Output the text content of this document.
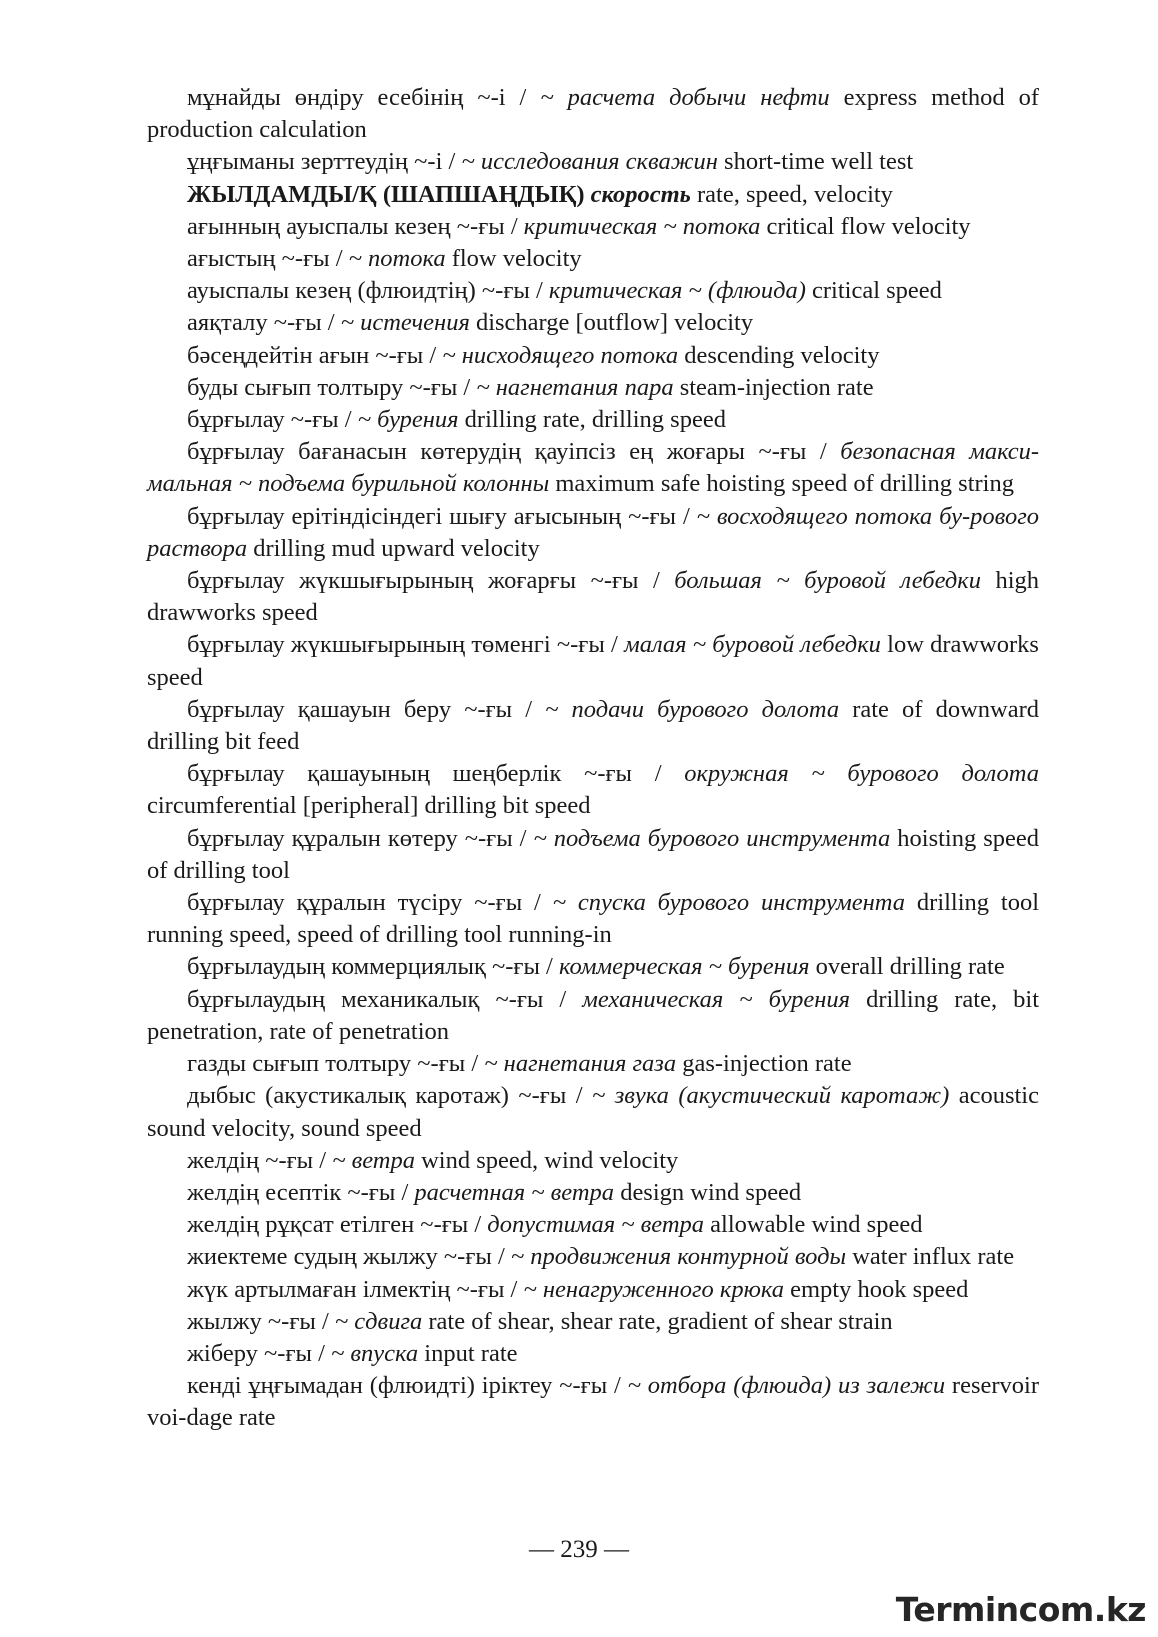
мұнайды өндіру есебінің ~-і / ~ расчета добычи нефти express method of production calculation

ұңғыманы зерттеудің ~-і / ~ исследования скважин short-time well test

ЖЫЛДАМДЫ/Қ (ШАПШАҢДЫҚ) скорость rate, speed, velocity

ағынның ауыспалы кезең ~-ғы / критическая ~ потока critical flow velocity

ағыстың ~-ғы / ~ потока flow velocity

ауыспалы кезең (флюидтің) ~-ғы / критическая ~ (флюида) critical speed

аяқталу ~-ғы / ~ истечения discharge [outflow] velocity

бәсеңдейтін ағын ~-ғы / ~ нисходящего потока descending velocity

буды сығып толтыру ~-ғы / ~ нагнетания пара steam-injection rate

бұрғылау ~-ғы / ~ бурения drilling rate, drilling speed

бұрғылау бағанасын көтерудің қауіпсіз ең жоғары ~-ғы / безопасная макси-мальная ~ подъема бурильной колонны maximum safe hoisting speed of drilling string

бұрғылау ерітіндісіндегі шығу ағысының ~-ғы / ~ восходящего потока бу-рового раствора drilling mud upward velocity

бұрғылау жүкшығырының жоғарғы ~-ғы / большая ~ буровой лебедки high drawworks speed

бұрғылау жүкшығырының төменгі ~-ғы / малая ~ буровой лебедки low drawworks speed

бұрғылау қашауын беру ~-ғы / ~ подачи бурового долота rate of downward drilling bit feed

бұрғылау қашауының шеңберлік ~-ғы / окружная ~ бурового долота circumferential [peripheral] drilling bit speed

бұрғылау құралын көтеру ~-ғы / ~ подъема бурового инструмента hoisting speed of drilling tool

бұрғылау құралын түсіру ~-ғы / ~ спуска бурового инструмента drilling tool running speed, speed of drilling tool running-in

бұрғылаудың коммерциялық ~-ғы / коммерческая ~ бурения overall drilling rate

бұрғылаудың механикалық ~-ғы / механическая ~ бурения drilling rate, bit penetration, rate of penetration

газды сығып толтыру ~-ғы / ~ нагнетания газа gas-injection rate

дыбыс (акустикалық каротаж) ~-ғы / ~ звука (акустический каротаж) acoustic sound velocity, sound speed

желдің ~-ғы / ~ ветра wind speed, wind velocity

желдің есептік ~-ғы / расчетная ~ ветра design wind speed

желдің рұқсат етілген ~-ғы / допустимая ~ ветра allowable wind speed

жиектеме судың жылжу ~-ғы / ~ продвижения контурной воды water influx rate

жүк артылмаған ілмектің ~-ғы / ~ ненагруженного крюка empty hook speed

жылжу ~-ғы / ~ сдвига rate of shear, shear rate, gradient of shear strain

жіберу ~-ғы / ~ впуска input rate

кенді ұңғымадан (флюидті) іріктеу ~-ғы / ~ отбора (флюида) из залежи reservoir voi-dage rate

— 239 —
Termincom.kz
